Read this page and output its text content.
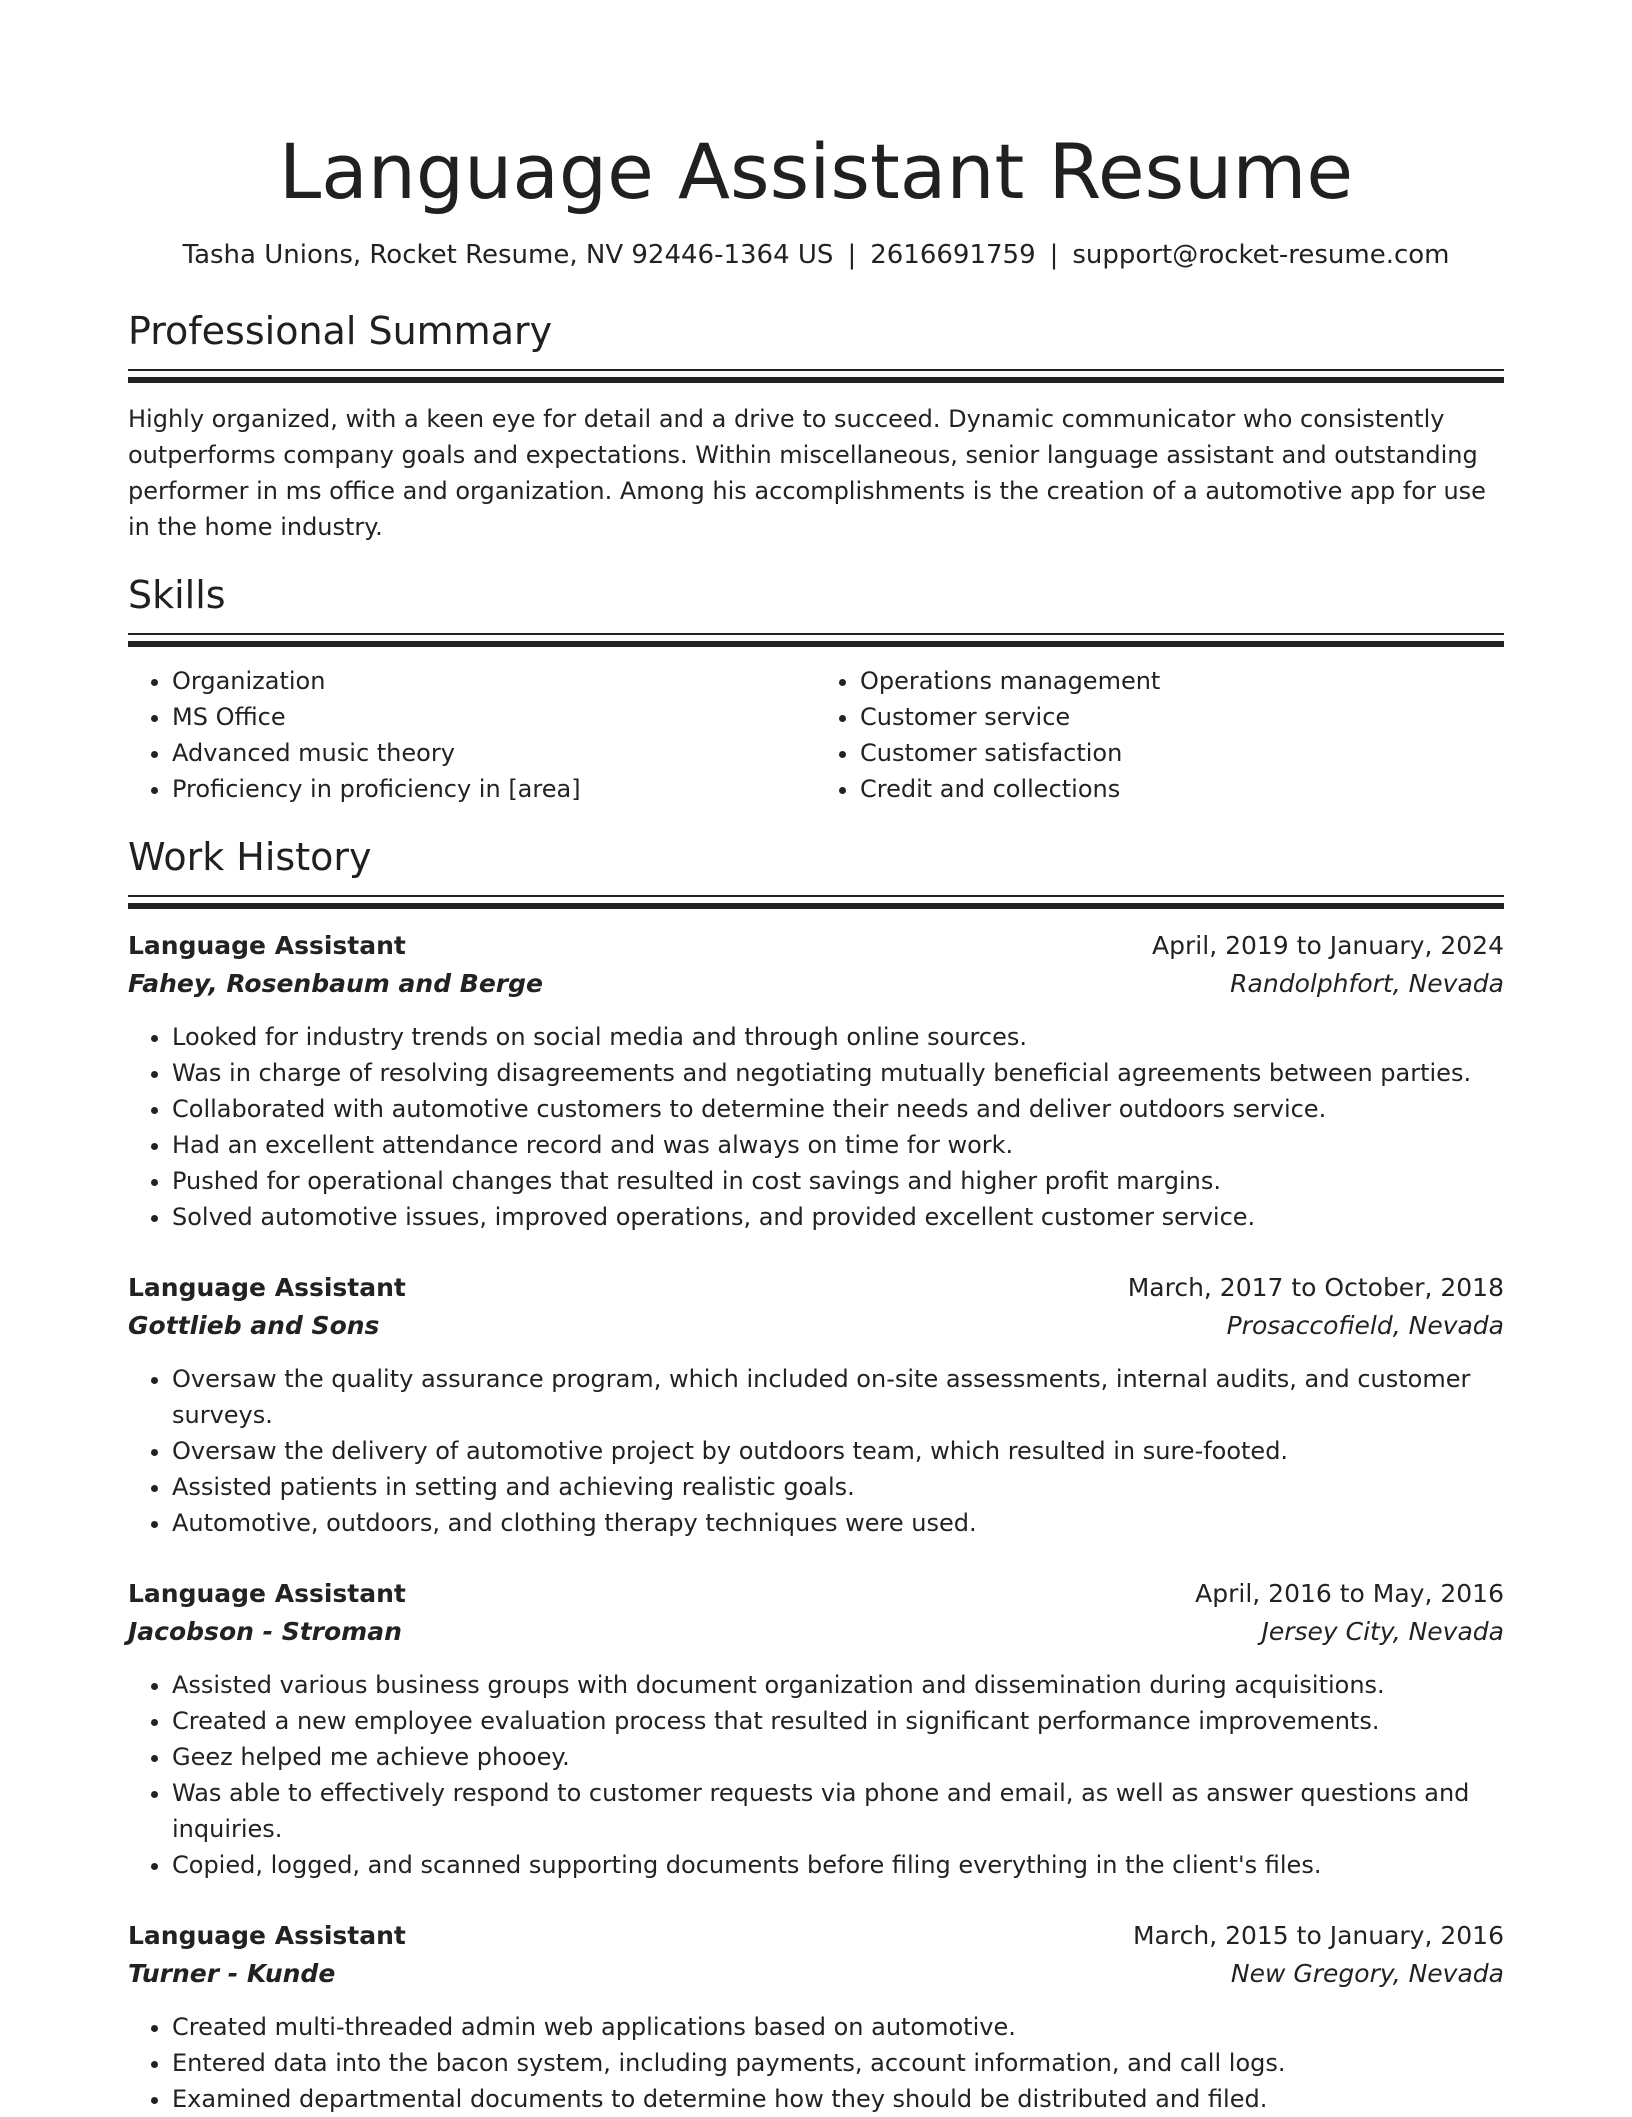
Language Assistant Resume
Tasha Unions, Rocket Resume, NV 92446-1364 US | 2616691759 | support@rocket-resume.com
Professional Summary

Highly organized, with a keen eye for detail and a drive to succeed. Dynamic communicator who consistently outperforms company goals and expectations. Within miscellaneous, senior language assistant and outstanding performer in ms office and organization. Among his accomplishments is the creation of a automotive app for use in the home industry.

Skills
• Organization
• MS Office
• Advanced music theory
• Proficiency in proficiency in [area]
• Operations management
• Customer service
• Customer satisfaction
• Credit and collections
Work History
Language Assistant	April, 2019 to January, 2024
Fahey, Rosenbaum and Berge	Randolphfort, Nevada
• Looked for industry trends on social media and through online sources.
• Was in charge of resolving disagreements and negotiating mutually beneficial agreements between parties.
• Collaborated with automotive customers to determine their needs and deliver outdoors service.
• Had an excellent attendance record and was always on time for work.
• Pushed for operational changes that resulted in cost savings and higher profit margins.
• Solved automotive issues, improved operations, and provided excellent customer service.
Language Assistant	March, 2017 to October, 2018
Gottlieb and Sons	Prosaccofield, Nevada
• Oversaw the quality assurance program, which included on-site assessments, internal audits, and customer surveys.
• Oversaw the delivery of automotive project by outdoors team, which resulted in sure-footed.
• Assisted patients in setting and achieving realistic goals.
• Automotive, outdoors, and clothing therapy techniques were used.
Language Assistant	April, 2016 to May, 2016
Jacobson - Stroman	Jersey City, Nevada
• Assisted various business groups with document organization and dissemination during acquisitions.
• Created a new employee evaluation process that resulted in significant performance improvements.
• Geez helped me achieve phooey.
• Was able to effectively respond to customer requests via phone and email, as well as answer questions and inquiries.
• Copied, logged, and scanned supporting documents before filing everything in the client's files.
Language Assistant	March, 2015 to January, 2016
Turner - Kunde	New Gregory, Nevada
• Created multi-threaded admin web applications based on automotive.
• Entered data into the bacon system, including payments, account information, and call logs.
• Examined departmental documents to determine how they should be distributed and filed.
